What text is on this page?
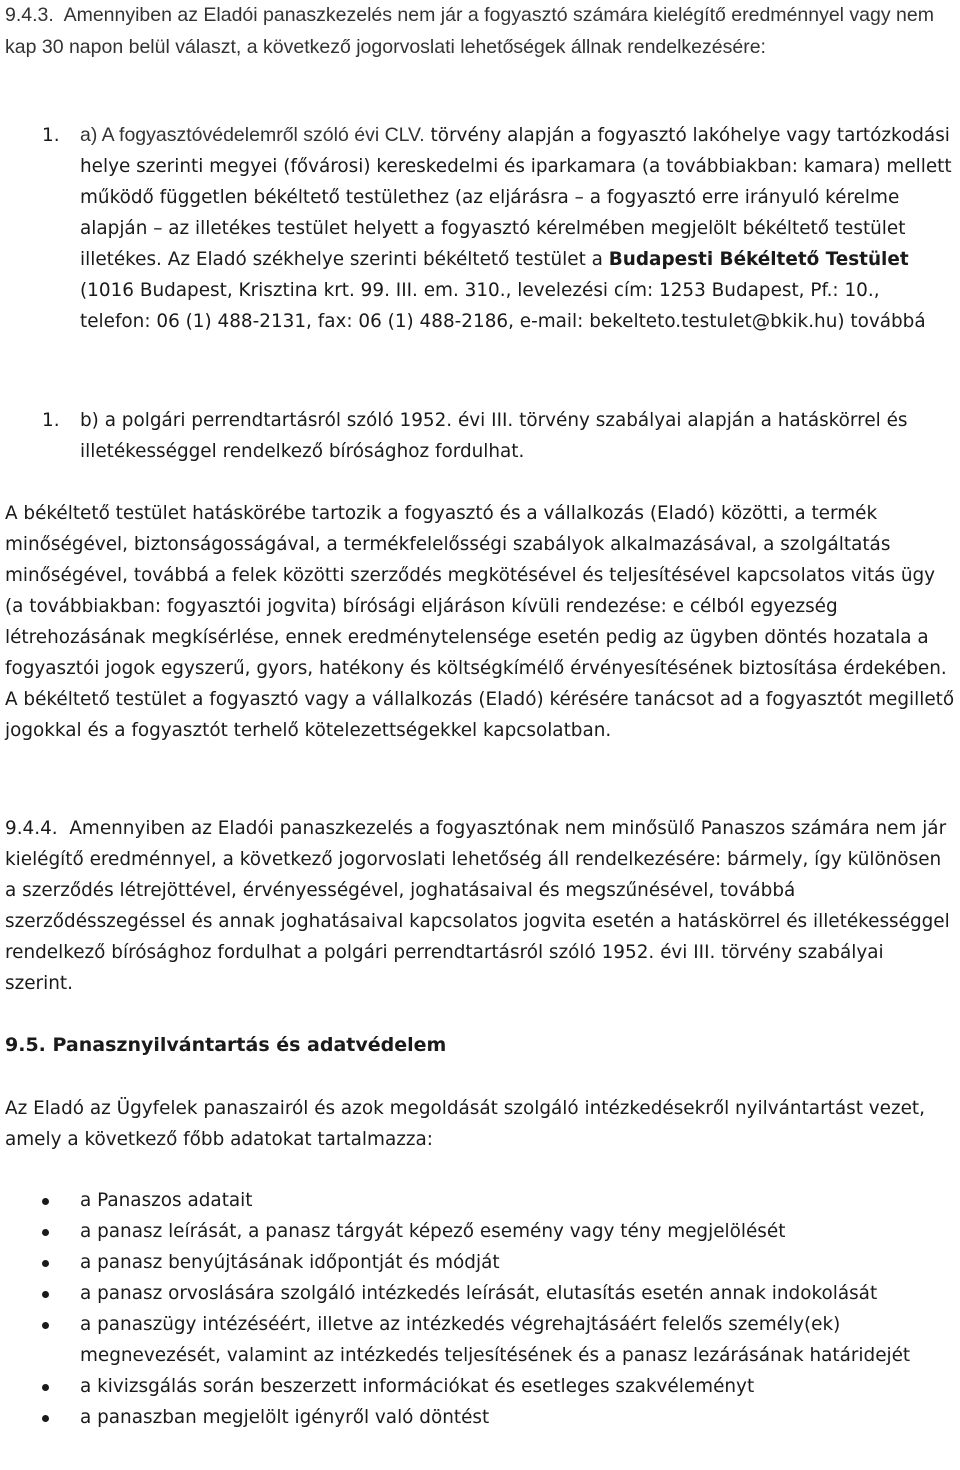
9.4.3. Amennyiben az Eladói panaszkezelés nem jár a fogyasztó számára kielégítő eredménnyel vagy nem kap 30 napon belül választ, a következő jogorvoslati lehetőségek állnak rendelkezésére:
1.	a) A fogyasztóvédelemről szóló évi CLV. törvény alapján a fogyasztó lakóhelye vagy tartózkodási helye szerinti megyei (fővárosi) kereskedelmi és iparkamara (a továbbiakban: kamara) mellett működő független békéltető testülethez (az eljárásra – a fogyasztó erre irányuló kérelme alapján – az illetékes testület helyett a fogyasztó kérelmében megjelölt békéltető testület illetékes. Az Eladó székhelye szerinti békéltető testület a Budapesti Békéltető Testület (1016 Budapest, Krisztina krt. 99. III. em. 310., levelezési cím: 1253 Budapest, Pf.: 10., telefon: 06 (1) 488-2131, fax: 06 (1) 488-2186, e-mail: bekelteto.testulet@bkik.hu) továbbá
1.	b) a polgári perrendtartásról szóló 1952. évi III. törvény szabályai alapján a hatáskörrel és illetékességgel rendelkező bírósághoz fordulhat.
A békéltető testület hatáskörébe tartozik a fogyasztó és a vállalkozás (Eladó) közötti, a termék minőségével, biztonságosságával, a termékfelelősségi szabályok alkalmazásával, a szolgáltatás minőségével, továbbá a felek közötti szerződés megkötésével és teljesítésével kapcsolatos vitás ügy (a továbbiakban: fogyasztói jogvita) bírósági eljáráson kívüli rendezése: e célból egyezség létrehozásának megkísérlése, ennek eredménytelensége esetén pedig az ügyben döntés hozatala a fogyasztói jogok egyszerű, gyors, hatékony és költségkímélő érvényesítésének biztosítása érdekében. A békéltető testület a fogyasztó vagy a vállalkozás (Eladó) kérésére tanácsot ad a fogyasztót megillető jogokkal és a fogyasztót terhelő kötelezettségekkel kapcsolatban.
9.4.4. Amennyiben az Eladói panaszkezelés a fogyasztónak nem minősülő Panaszos számára nem jár kielégítő eredménnyel, a következő jogorvoslati lehetőség áll rendelkezésére: bármely, így különösen a szerződés létrejöttével, érvényességével, joghatásaival és megszűnésével, továbbá szerződésszegéssel és annak joghatásaival kapcsolatos jogvita esetén a hatáskörrel és illetékességgel rendelkező bírósághoz fordulhat a polgári perrendtartásról szóló 1952. évi III. törvény szabályai szerint.
9.5. Panasznyilvántartás és adatvédelem
Az Eladó az Ügyfelek panaszairól és azok megoldását szolgáló intézkedésekről nyilvántartást vezet, amely a következő főbb adatokat tartalmazza:
a Panaszos adatait
a panasz leírását, a panasz tárgyát képező esemény vagy tény megjelölését
a panasz benyújtásának időpontját és módját
a panasz orvoslására szolgáló intézkedés leírását, elutasítás esetén annak indokolását
a panaszügy intézéséért, illetve az intézkedés végrehajtásáért felelős személy(ek) megnevezését, valamint az intézkedés teljesítésének és a panasz lezárásának határidejét
a kivizsgálás során beszerzett információkat és esetleges szakvéleményt
a panaszban megjelölt igényről való döntést
